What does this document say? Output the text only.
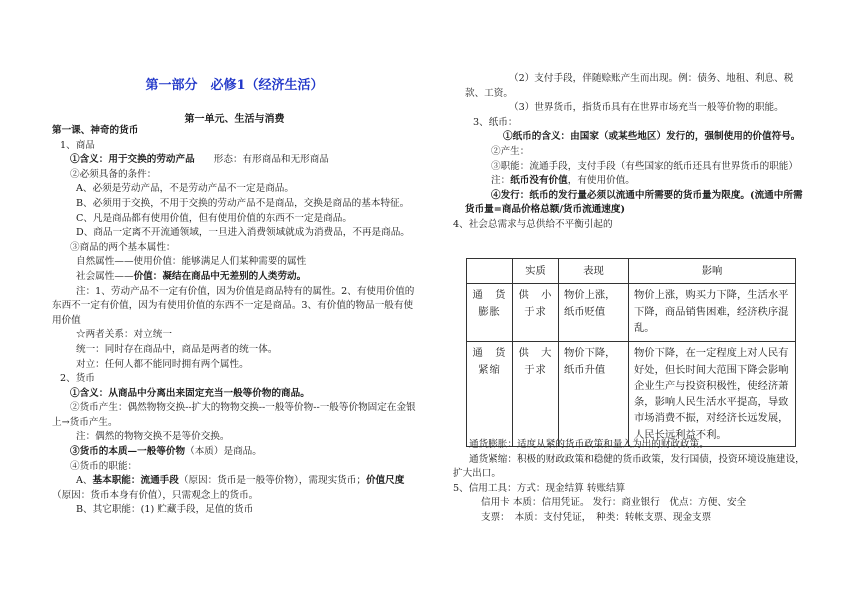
第一部分　必修1（经济生活）
第一单元、生活与消费
第一课、神奇的货币
1、商品
①含义：用于交换的劳动产品 形态：有形商品和无形商品
②必须具备的条件：
A、必须是劳动产品，不是劳动产品不一定是商品。
B、必须用于交换，不用于交换的劳动产品不是商品，交换是商品的基本特征。
C、凡是商品都有使用价值，但有使用价值的东西不一定是商品。
D、商品一定离不开流通领域，一旦进入消费领域就成为消费品，不再是商品。
③商品的两个基本属性：
自然属性——使用价值：能够满足人们某种需要的属性
社会属性——价值：凝结在商品中无差别的人类劳动。
注：1、劳动产品不一定有价值，因为价值是商品特有的属性。2、有使用价值的东西不一定有价值，因为有使用价值的东西不一定是商品。3、有价值的物品一般有使用价值
☆两者关系：对立统一
统一：同时存在商品中，商品是两者的统一体。
对立：任何人都不能同时拥有两个属性。
2、货币
①含义：从商品中分离出来固定充当一般等价物的商品。
②货币产生：偶然物物交换--扩大的物物交换--一般等价物--一般等价物固定在金银上→货币产生。
注：偶然的物物交换不是等价交换。
③货币的本质—一般等价物（本质）是商品。
④货币的职能：
A、基本职能：流通手段（原因：货币是一般等价物），需现实货币；价值尺度（原因：货币本身有价值），只需观念上的货币。
B、其它职能：(1) 贮藏手段，足值的货币
（2）支付手段，伴随赊账产生而出现。例：债务、地租、利息、税款、工资。
（3）世界货币，指货币具有在世界市场充当一般等价物的职能。
3、纸币：
①纸币的含义：由国家（或某些地区）发行的，强制使用的价值符号。
②产生：
③职能：流通手段，支付手段（有些国家的纸币还具有世界货币的职能）
注：纸币没有价值，有使用价值。
④发行：纸币的发行量必须以流通中所需要的货币量为限度。(流通中所需货币量=商品价格总额/货币流通速度)
4、社会总需求与总供给不平衡引起的
通货膨胀：适度从紧的货币政策和量入为出的财政政策。
通货紧缩：积极的财政政策和稳健的货币政策，发行国债，投资环境设施建设，扩大出口。
5、信用工具：方式：现金结算 转账结算
信用卡 本质：信用凭证。 发行：商业银行　优点：方便、安全
支票：　本质：支付凭证，　种类：转帐支票、现金支票
	实质	表现	影响
通　货膨胀	供　小于求	物价上涨，纸币贬值	物价上涨，购买力下降，生活水平下降，商品销售困难，经济秩序混乱。
通　货紧缩	供　大于求	物价下降，纸币升值	物价下降，在一定程度上对人民有好处，但长时间大范围下降会影响企业生产与投资积极性，使经济萧条，影响人民生活水平提高，导致市场消费不振，对经济长远发展，人民长远利益不利。
